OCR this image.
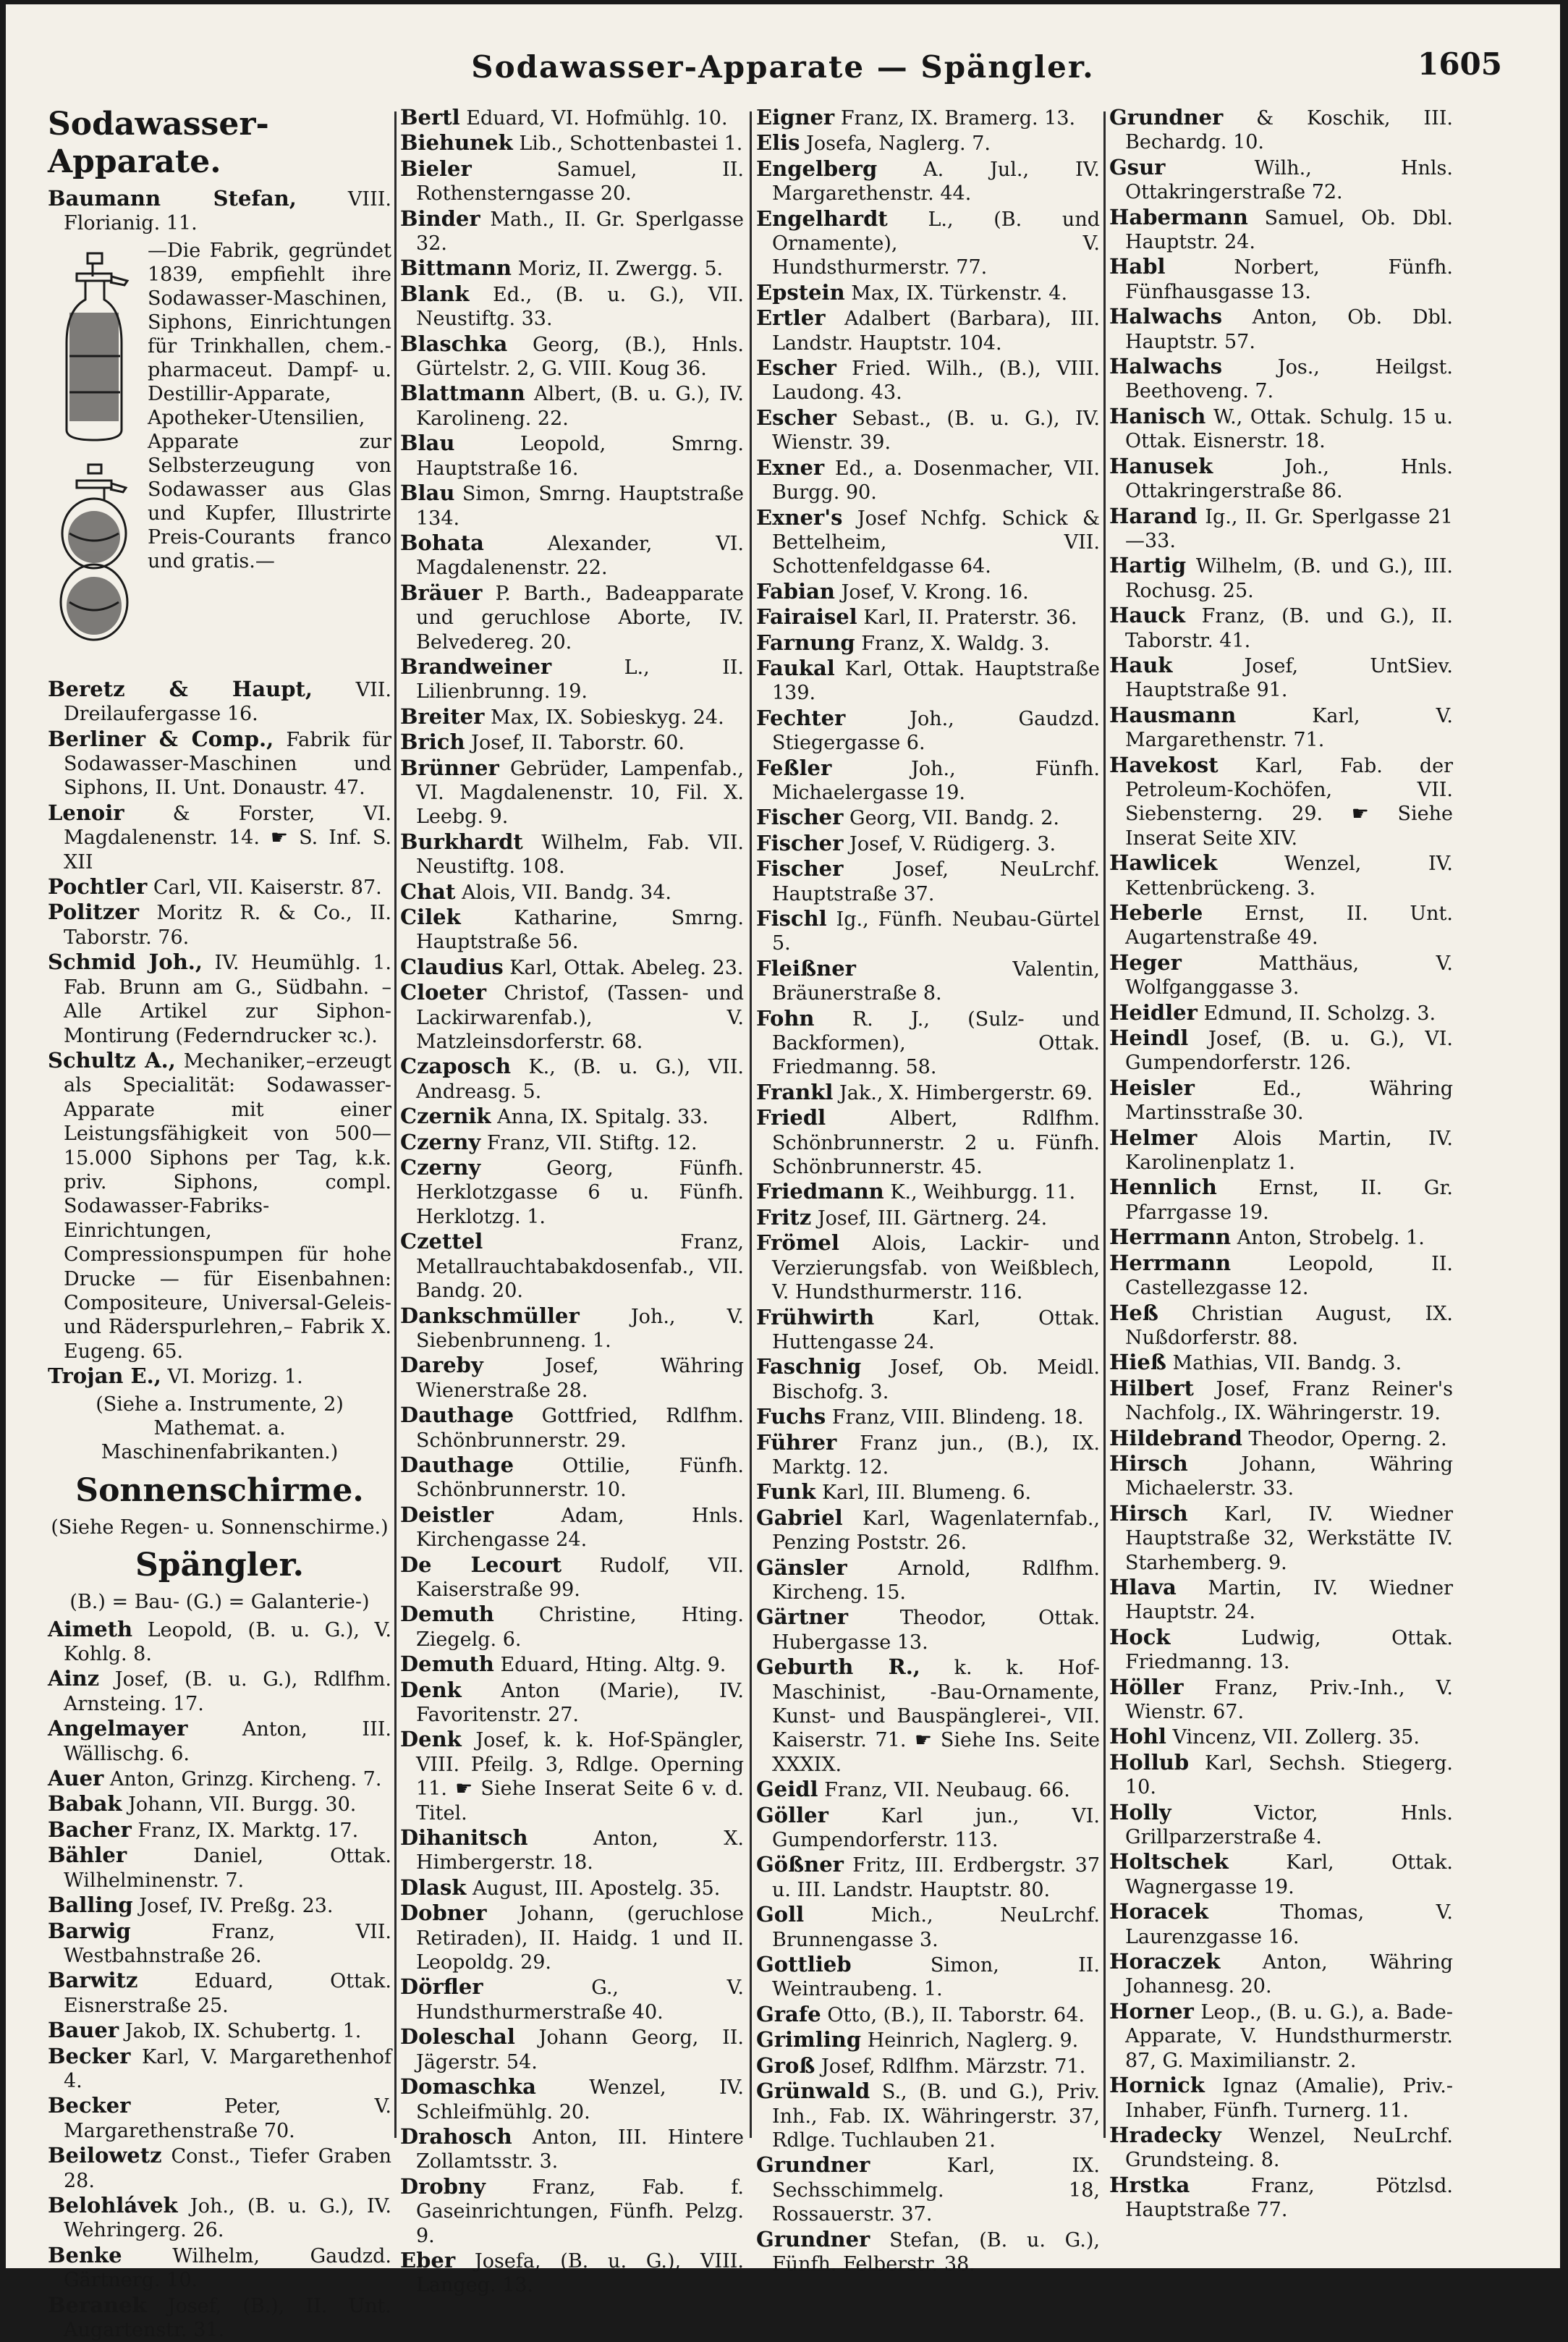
Sodawasser-Apparate — Spängler.	1605
Sodawasser-Apparate.

Baumann Stefan,	VIII. Florianig. 11.

—Die Fabrik, gegründet 1839, empfiehlt ihre Sodawasser-Maschinen, Siphons, Einrichtungen für Trinkhallen, chem.-pharmaceut. Dampf- u. Destillir-Apparate, Apotheker-Utensilien, Apparate zur Selbsterzeugung von Sodawasser aus Glas und Kupfer, Illustrirte Preis-Courants franco und gratis.—

Beretz & Haupt, VII. Dreilaufergasse 16.

Berliner & Comp., Fabrik für Sodawasser-Maschinen und Siphons, II. Unt. Donaustr. 47.

Lenoir & Forster, VI. Magdalenenstr. 14. ☛ S. Inf. S. XII

Pochtler Carl, VII. Kaiserstr. 87.

Politzer Moritz R. & Co., II. Taborstr. 76.

Schmid Joh., IV. Heumühlg. 1. Fab. Brunn am G., Südbahn. –Alle Artikel zur Siphon-Montirung (Federndrucker ꝛc.).

Schultz A., Mechaniker,–erzeugt als Specialität: Sodawasser-Apparate mit einer Leistungsfähigkeit von 500—15.000 Siphons per Tag, k.k. priv. Siphons, compl. Sodawasser-Fabriks-Einrichtungen, Compressionspumpen für hohe Drucke — für Eisenbahnen: Compositeure, Universal-Geleis- und Räderspurlehren,– Fabrik X. Eugeng. 65.

Trojan E., VI. Morizg. 1.

(Siehe a. Instrumente, 2) Mathemat. a. Maschinenfabrikanten.)
Sonnenschirme.
(Siehe Regen- u. Sonnenschirme.)
Spängler.
(B.) = Bau- (G.) = Galanterie-)

Aimeth Leopold, (B. u. G.), V. Kohlg. 8.

Ainz Josef, (B. u. G.), Rdlfhm. Arnsteing. 17.

Angelmayer	Anton, III. Wällischg. 6.

Auer Anton, Grinzg. Kircheng. 7.

Babak Johann, VII. Burgg. 30.

Bacher Franz, IX. Marktg. 17.

Bähler	Daniel, Ottak. Wilhelminenstr. 7.

Balling Josef, IV. Preßg. 23.

Barwig	Franz, VII. Westbahnstraße 26.

Barwitz	Eduard, Ottak. Eisnerstraße 25.

Bauer Jakob, IX. Schubertg. 1.

Becker Karl, V. Margarethenhof 4.

Becker	Peter, V. Margarethenstraße 70.

Beilowetz Const., Tiefer Graben 28.

Belohlávek Joh., (B. u. G.), IV. Wehringerg. 26.

Benke	Wilhelm, Gaudzd. Gärtnerg. 10.

Beranek Josef, (B.), II. Unt. Augartenstr. 31.

Bertl Eduard, VI. Hofmühlg. 10.

Biehunek Lib., Schottenbastei 1.

Bieler	Samuel, II. Rothensterngasse 20.

Binder Math., II. Gr. Sperlgasse 32.

Bittmann Moriz, II. Zwergg. 5.

Blank Ed., (B. u. G.), VII. Neustiftg. 33.

Blaschka Georg, (B.), Hnls. Gürtelstr. 2, G. VIII. Koug 36.

Blattmann Albert, (B. u. G.), IV. Karolineng. 22.

Blau	Leopold, Smrng. Hauptstraße 16.

Blau Simon, Smrng. Hauptstraße 134.

Bohata	Alexander, VI. Magdalenenstr. 22.

Bräuer P. Barth., Badeapparate und geruchlose Aborte, IV. Belvedereg. 20.

Brandweiner	L., II. Lilienbrunng. 19.

Breiter Max, IX. Sobieskyg. 24.

Brich Josef, II. Taborstr. 60.

Brünner Gebrüder, Lampenfab., VI. Magdalenenstr. 10, Fil. X. Leebg. 9.

Burkhardt Wilhelm, Fab. VII. Neustiftg. 108.

Chat Alois, VII. Bandg. 34.

Cilek	Katharine, Smrng. Hauptstraße 56.

Claudius Karl, Ottak. Abeleg. 23.

Cloeter Christof, (Tassen- und Lackirwarenfab.), V. Matzleinsdorferstr. 68.

Czaposch K., (B. u. G.), VII. Andreasg. 5.

Czernik Anna, IX. Spitalg. 33.

Czerny Franz, VII. Stiftg. 12.

Czerny	Georg, Fünfh. Herklotzgasse 6 u. Fünfh. Herklotzg. 1.

Czettel	Franz, Metallrauchtabakdosenfab., VII. Bandg. 20.

Dankschmüller	Joh., V. Siebenbrunneng. 1.

Dareby	Josef, Währing Wienerstraße 28.

Dauthage Gottfried, Rdlfhm. Schönbrunnerstr. 29.

Dauthage Ottilie, Fünfh. Schönbrunnerstr. 10.

Deistler	Adam, Hnls. Kirchengasse 24.

De Lecourt Rudolf, VII. Kaiserstraße 99.

Demuth Christine, Hting. Ziegelg. 6.

Demuth Eduard, Hting. Altg. 9.

Denk Anton (Marie), IV. Favoritenstr. 27.

Denk Josef, k. k. Hof-Spängler, VIII. Pfeilg. 3, Rdlge. Operning 11. ☛ Siehe Inserat Seite 6 v. d. Titel.

Dihanitsch	Anton, X. Himbergerstr. 18.

Dlask August, III. Apostelg. 35.

Dobner Johann, (geruchlose Retiraden), II. Haidg. 1 und II. Leopoldg. 29.

Dörfler	G., V. Hundsthurmerstraße 40.

Doleschal Johann Georg, II. Jägerstr. 54.

Domaschka	Wenzel, IV. Schleifmühlg. 20.

Drahosch Anton, III. Hintere Zollamtsstr. 3.

Drobny Franz, Fab. f. Gaseinrichtungen, Fünfh. Pelzg. 9.

Eber Josefa, (B. u. G.), VIII. Langeg. 13.

Eigner Franz, IX. Bramerg. 13.

Elis Josefa, Naglerg. 7.

Engelberg A. Jul., IV. Margarethenstr. 44.

Engelhardt L., (B. und Ornamente), V. Hundsthurmerstr. 77.

Epstein Max, IX. Türkenstr. 4.

Ertler Adalbert (Barbara), III. Landstr. Hauptstr. 104.

Escher Fried. Wilh., (B.), VIII. Laudong. 43.

Escher Sebast., (B. u. G.), IV. Wienstr. 39.

Exner Ed., a. Dosenmacher, VII. Burgg. 90.

Exner's Josef Nchfg. Schick & Bettelheim, VII. Schottenfeldgasse 64.

Fabian Josef, V. Krong. 16.

Fairaisel Karl, II. Praterstr. 36.

Farnung Franz, X. Waldg. 3.

Faukal Karl, Ottak. Hauptstraße 139.

Fechter	Joh., Gaudzd. Stiegergasse 6.

Feßler	Joh., Fünfh. Michaelergasse 19.

Fischer Georg, VII. Bandg. 2.

Fischer Josef, V. Rüdigerg. 3.

Fischer	Josef, NeuLrchf. Hauptstraße 37.

Fischl Ig., Fünfh. Neubau-Gürtel 5.

Fleißner	Valentin, Bräunerstraße 8.

Fohn R. J., (Sulz- und Backformen), Ottak. Friedmanng. 58.

Frankl Jak., X. Himbergerstr. 69.

Friedl	Albert, Rdlfhm. Schönbrunnerstr. 2 u. Fünfh. Schönbrunnerstr. 45.

Friedmann K., Weihburgg. 11.

Fritz Josef, III. Gärtnerg. 24.

Frömel Alois, Lackir- und Verzierungsfab. von Weißblech, V. Hundsthurmerstr. 116.

Frühwirth	Karl, Ottak. Huttengasse 24.

Faschnig Josef, Ob. Meidl. Bischofg. 3.

Fuchs Franz, VIII. Blindeng. 18.

Führer Franz jun., (B.), IX. Marktg. 12.

Funk Karl, III. Blumeng. 6.

Gabriel Karl, Wagenlaternfab., Penzing Poststr. 26.

Gänsler	Arnold, Rdlfhm. Kircheng. 15.

Gärtner	Theodor, Ottak. Hubergasse 13.

Geburth R., k. k. Hof-Maschinist, -Bau-Ornamente, Kunst- und Bauspänglerei-, VII. Kaiserstr. 71. ☛ Siehe Ins. Seite XXXIX.

Geidl Franz, VII. Neubaug. 66.

Göller	Karl jun., VI. Gumpendorferstr. 113.

Gößner Fritz, III. Erdbergstr. 37 u. III. Landstr. Hauptstr. 80.

Goll	Mich., NeuLrchf. Brunnengasse 3.

Gottlieb	Simon, II. Weintraubeng. 1.

Grafe Otto, (B.), II. Taborstr. 64.

Grimling Heinrich, Naglerg. 9.

Groß Josef, Rdlfhm. Märzstr. 71.

Grünwald S., (B. und G.), Priv. Inh., Fab. IX. Währingerstr. 37, Rdlge. Tuchlauben 21.

Grundner	Karl, IX. Sechsschimmelg. 18, Rossauerstr. 37.

Grundner Stefan, (B. u. G.), Fünfh. Felberstr. 38.

Grundner & Koschik, III. Bechardg. 10.

Gsur	Wilh., Hnls. Ottakringerstraße 72.

Habermann Samuel, Ob. Dbl. Hauptstr. 24.

Habl	Norbert, Fünfh. Fünfhausgasse 13.

Halwachs Anton, Ob. Dbl. Hauptstr. 57.

Halwachs	Jos., Heilgst. Beethoveng. 7.

Hanisch W., Ottak. Schulg. 15 u. Ottak. Eisnerstr. 18.

Hanusek	Joh., Hnls. Ottakringerstraße 86.

Harand Ig., II. Gr. Sperlgasse 21—33.

Hartig Wilhelm, (B. und G.), III. Rochusg. 25.

Hauck Franz, (B. und G.), II. Taborstr. 41.

Hauk	Josef, UntSiev. Hauptstraße 91.

Hausmann	Karl, V. Margarethenstr. 71.

Havekost Karl, Fab. der Petroleum-Kochöfen, VII. Siebensterng. 29. ☛ Siehe Inserat Seite XIV.

Hawlicek	Wenzel, IV. Kettenbrückeng. 3.

Heberle Ernst, II. Unt. Augartenstraße 49.

Heger	Matthäus, V. Wolfganggasse 3.

Heidler Edmund, II. Scholzg. 3.

Heindl Josef, (B. u. G.), VI. Gumpendorferstr. 126.

Heisler	Ed., Währing Martinsstraße 30.

Helmer Alois Martin, IV. Karolinenplatz 1.

Hennlich Ernst, II. Gr. Pfarrgasse 19.

Herrmann Anton, Strobelg. 1.

Herrmann	Leopold, II. Castellezgasse 12.

Heß Christian August, IX. Nußdorferstr. 88.

Hieß Mathias, VII. Bandg. 3.

Hilbert Josef, Franz Reiner's Nachfolg., IX. Währingerstr. 19.

Hildebrand Theodor, Operng. 2.

Hirsch	Johann, Währing Michaelerstr. 33.

Hirsch Karl, IV. Wiedner Hauptstraße 32, Werkstätte IV. Starhemberg. 9.

Hlava Martin, IV. Wiedner Hauptstr. 24.

Hock	Ludwig, Ottak. Friedmanng. 13.

Höller Franz, Priv.-Inh., V. Wienstr. 67.

Hohl Vincenz, VII. Zollerg. 35.

Hollub Karl, Sechsh. Stiegerg. 10.

Holly	Victor, Hnls. Grillparzerstraße 4.

Holtschek	Karl, Ottak. Wagnergasse 19.

Horacek	Thomas, V. Laurenzgasse 16.

Horaczek Anton, Währing Johannesg. 20.

Horner Leop., (B. u. G.), a. Bade-Apparate, V. Hundsthurmerstr. 87, G. Maximilianstr. 2.

Hornick Ignaz (Amalie), Priv.-Inhaber, Fünfh. Turnerg. 11.

Hradecky Wenzel, NeuLrchf. Grundsteing. 8.

Hrstka	Franz, Pötzlsd. Hauptstraße 77.
